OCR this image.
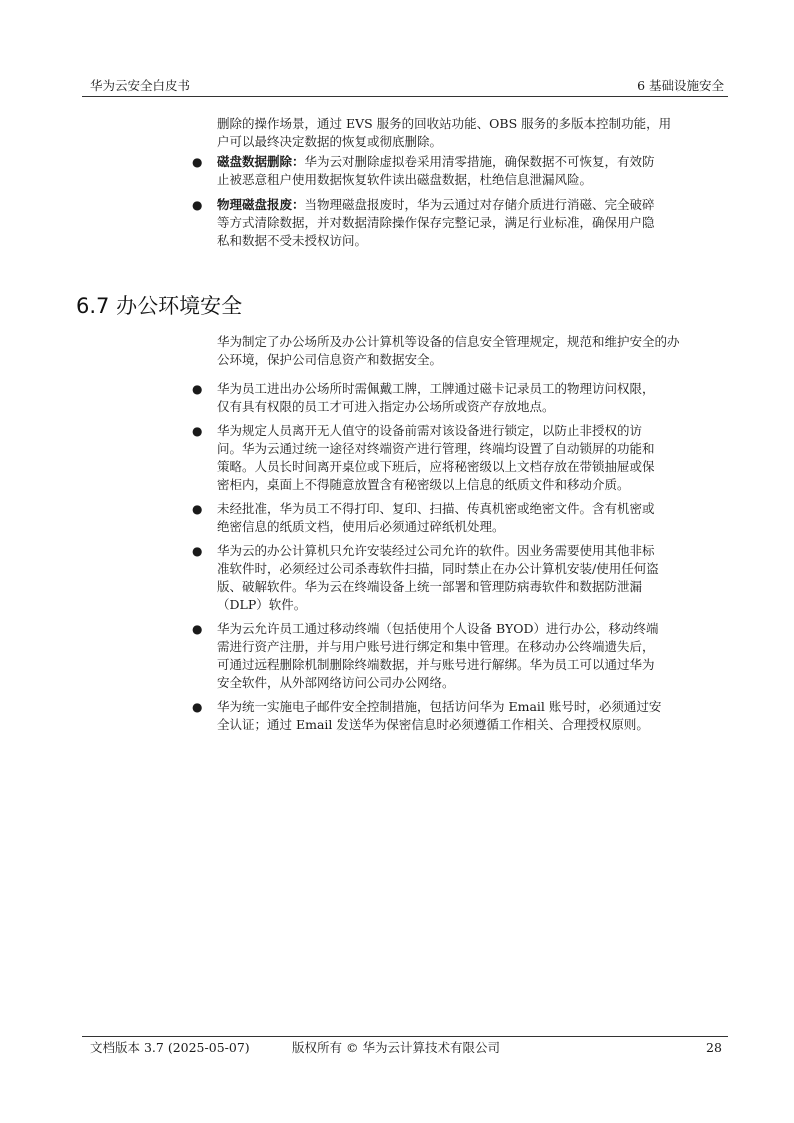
华为云安全白皮书	6 基础设施安全
删除的操作场景，通过 EVS 服务的回收站功能、OBS 服务的多版本控制功能，用
户可以最终决定数据的恢复或彻底删除。
● 磁盘数据删除：华为云对删除虚拟卷采用清零措施，确保数据不可恢复，有效防
止被恶意租户使用数据恢复软件读出磁盘数据，杜绝信息泄漏风险。
● 物理磁盘报废：当物理磁盘报废时，华为云通过对存储介质进行消磁、完全破碎
等方式清除数据，并对数据清除操作保存完整记录，满足行业标准，确保用户隐
私和数据不受未授权访问。
6.7 办公环境安全
华为制定了办公场所及办公计算机等设备的信息安全管理规定，规范和维护安全的办
公环境，保护公司信息资产和数据安全。
● 华为员工进出办公场所时需佩戴工牌，工牌通过磁卡记录员工的物理访问权限，
仅有具有权限的员工才可进入指定办公场所或资产存放地点。
● 华为规定人员离开无人值守的设备前需对该设备进行锁定，以防止非授权的访
问。华为云通过统一途径对终端资产进行管理，终端均设置了自动锁屏的功能和
策略。人员长时间离开桌位或下班后，应将秘密级以上文档存放在带锁抽屉或保
密柜内，桌面上不得随意放置含有秘密级以上信息的纸质文件和移动介质。
● 未经批准，华为员工不得打印、复印、扫描、传真机密或绝密文件。含有机密或
绝密信息的纸质文档，使用后必须通过碎纸机处理。
● 华为云的办公计算机只允许安装经过公司允许的软件。因业务需要使用其他非标
准软件时，必须经过公司杀毒软件扫描，同时禁止在办公计算机安装/使用任何盗
版、破解软件。华为云在终端设备上统一部署和管理防病毒软件和数据防泄漏
（DLP）软件。
● 华为云允许员工通过移动终端（包括使用个人设备 BYOD）进行办公，移动终端
需进行资产注册，并与用户账号进行绑定和集中管理。在移动办公终端遗失后，
可通过远程删除机制删除终端数据，并与账号进行解绑。华为员工可以通过华为
安全软件，从外部网络访问公司办公网络。
● 华为统一实施电子邮件安全控制措施，包括访问华为 Email 账号时，必须通过安
全认证；通过 Email 发送华为保密信息时必须遵循工作相关、合理授权原则。
文档版本 3.7 (2025-05-07)	版权所有 © 华为云计算技术有限公司	28
